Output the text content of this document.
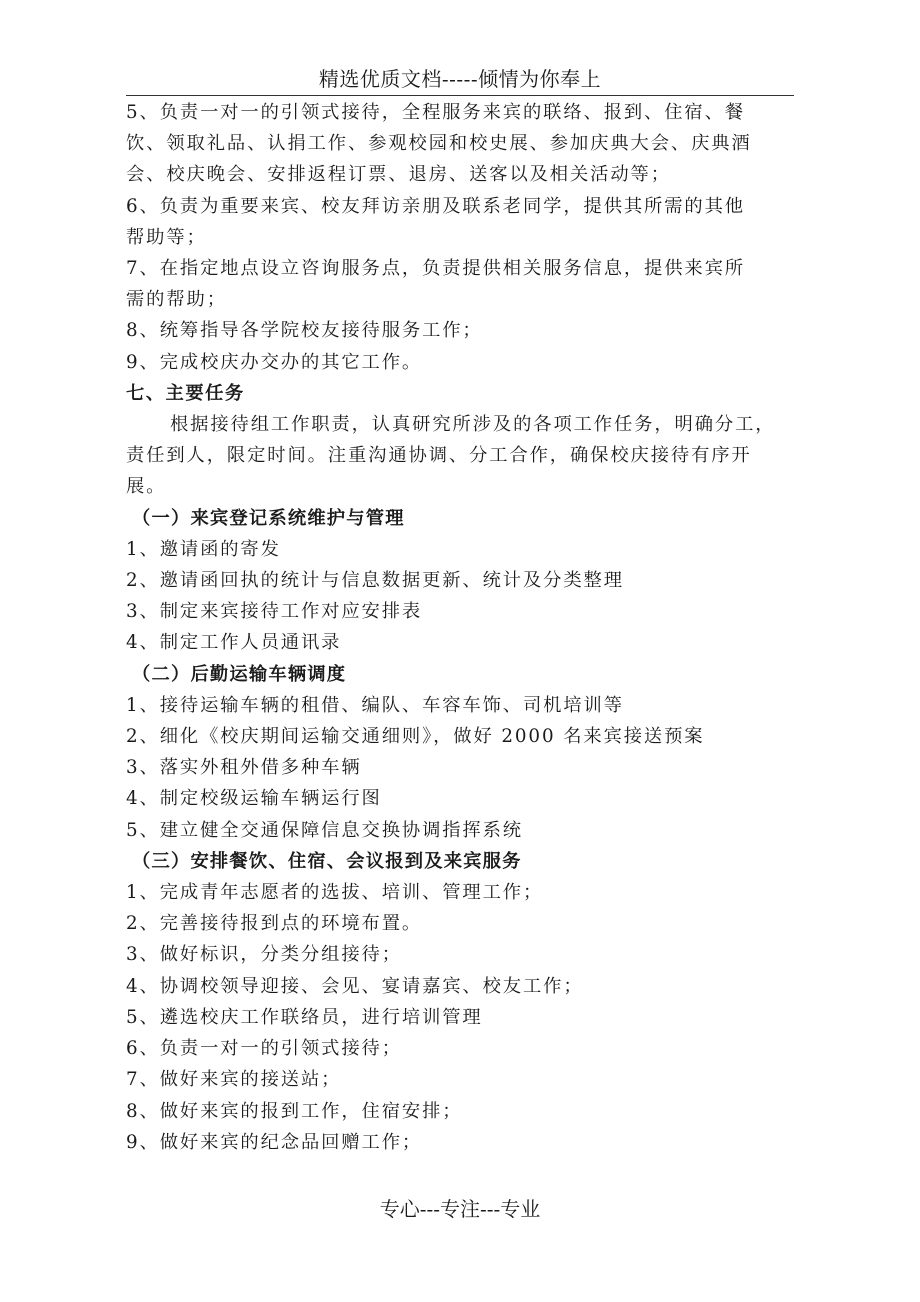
精选优质文档-----倾情为你奉上
5、负责一对一的引领式接待，全程服务来宾的联络、报到、住宿、餐
饮、领取礼品、认捐工作、参观校园和校史展、参加庆典大会、庆典酒
会、校庆晚会、安排返程订票、退房、送客以及相关活动等；
6、负责为重要来宾、校友拜访亲朋及联系老同学，提供其所需的其他
帮助等；
7、在指定地点设立咨询服务点，负责提供相关服务信息，提供来宾所
需的帮助；
8、统筹指导各学院校友接待服务工作；
9、完成校庆办交办的其它工作。
七、主要任务
根据接待组工作职责，认真研究所涉及的各项工作任务，明确分工，
责任到人，限定时间。注重沟通协调、分工合作，确保校庆接待有序开
展。
（一）来宾登记系统维护与管理
1、邀请函的寄发
2、邀请函回执的统计与信息数据更新、统计及分类整理
3、制定来宾接待工作对应安排表
4、制定工作人员通讯录
（二）后勤运输车辆调度
1、接待运输车辆的租借、编队、车容车饰、司机培训等
2、细化《校庆期间运输交通细则》，做好 2000 名来宾接送预案
3、落实外租外借多种车辆
4、制定校级运输车辆运行图
5、建立健全交通保障信息交换协调指挥系统
（三）安排餐饮、住宿、会议报到及来宾服务
1、完成青年志愿者的选拔、培训、管理工作；
2、完善接待报到点的环境布置。
3、做好标识，分类分组接待；
4、协调校领导迎接、会见、宴请嘉宾、校友工作；
5、遴选校庆工作联络员，进行培训管理
6、负责一对一的引领式接待；
7、做好来宾的接送站；
8、做好来宾的报到工作，住宿安排；
9、做好来宾的纪念品回赠工作；
专心---专注---专业
